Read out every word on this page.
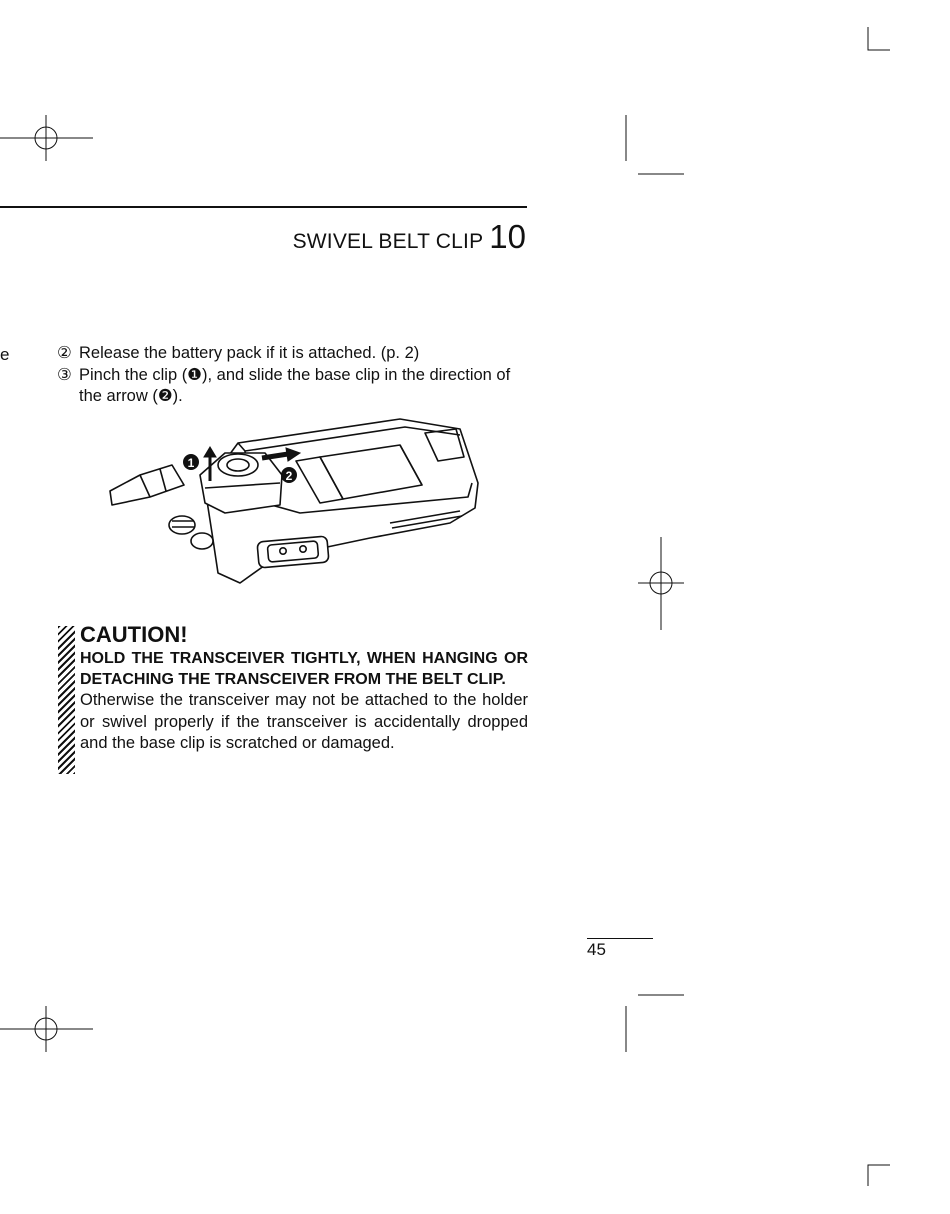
SWIVEL BELT CLIP 10
e	② Release the battery pack if it is attached. (p. 2)
③ Pinch the clip (❶), and slide the base clip in the direction of the arrow (❷).
1
2
CAUTION!
HOLD THE TRANSCEIVER TIGHTLY, WHEN HANGING OR DETACHING THE TRANSCEIVER FROM THE BELT CLIP.
Otherwise the transceiver may not be attached to the holder or swivel properly if the transceiver is accidentally dropped and the base clip is scratched or damaged.
45
